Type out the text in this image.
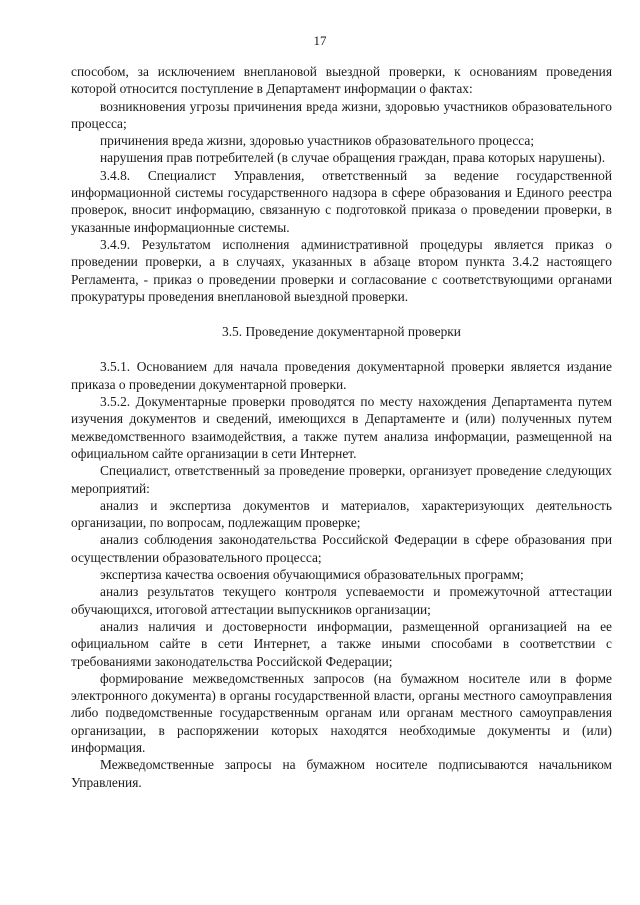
17

способом, за исключением внеплановой выездной проверки, к основаниям проведения которой относится поступление в Департамент информации о фактах:

возникновения угрозы причинения вреда жизни, здоровью участников образовательного процесса;

причинения вреда жизни, здоровью участников образовательного процесса;

нарушения прав потребителей (в случае обращения граждан, права которых нарушены).

3.4.8. Специалист Управления, ответственный за ведение государственной информационной системы государственного надзора в сфере образования и Единого реестра проверок, вносит информацию, связанную с подготовкой приказа о проведении проверки, в указанные информационные системы.

3.4.9. Результатом исполнения административной процедуры является приказ о проведении проверки, а в случаях, указанных в абзаце втором пункта 3.4.2 настоящего Регламента, - приказ о проведении проверки и согласование с соответствующими органами прокуратуры проведения внеплановой выездной проверки.

3.5. Проведение документарной проверки

3.5.1. Основанием для начала проведения документарной проверки является издание приказа о проведении документарной проверки.

3.5.2. Документарные проверки проводятся по месту нахождения Департамента путем изучения документов и сведений, имеющихся в Департаменте и (или) полученных путем межведомственного взаимодействия, а также путем анализа информации, размещенной на официальном сайте организации в сети Интернет.

Специалист, ответственный за проведение проверки, организует проведение следующих мероприятий:

анализ и экспертиза документов и материалов, характеризующих деятельность организации, по вопросам, подлежащим проверке;

анализ соблюдения законодательства Российской Федерации в сфере образования при осуществлении образовательного процесса;

экспертиза качества освоения обучающимися образовательных программ;

анализ результатов текущего контроля успеваемости и промежуточной аттестации обучающихся, итоговой аттестации выпускников организации;

анализ наличия и достоверности информации, размещенной организацией на ее официальном сайте в сети Интернет, а также иными способами в соответствии с требованиями законодательства Российской Федерации;

формирование межведомственных запросов (на бумажном носителе или в форме электронного документа) в органы государственной власти, органы местного самоуправления либо подведомственные государственным органам или органам местного самоуправления организации, в распоряжении которых находятся необходимые документы и (или) информация.

Межведомственные запросы на бумажном носителе подписываются начальником Управления.
